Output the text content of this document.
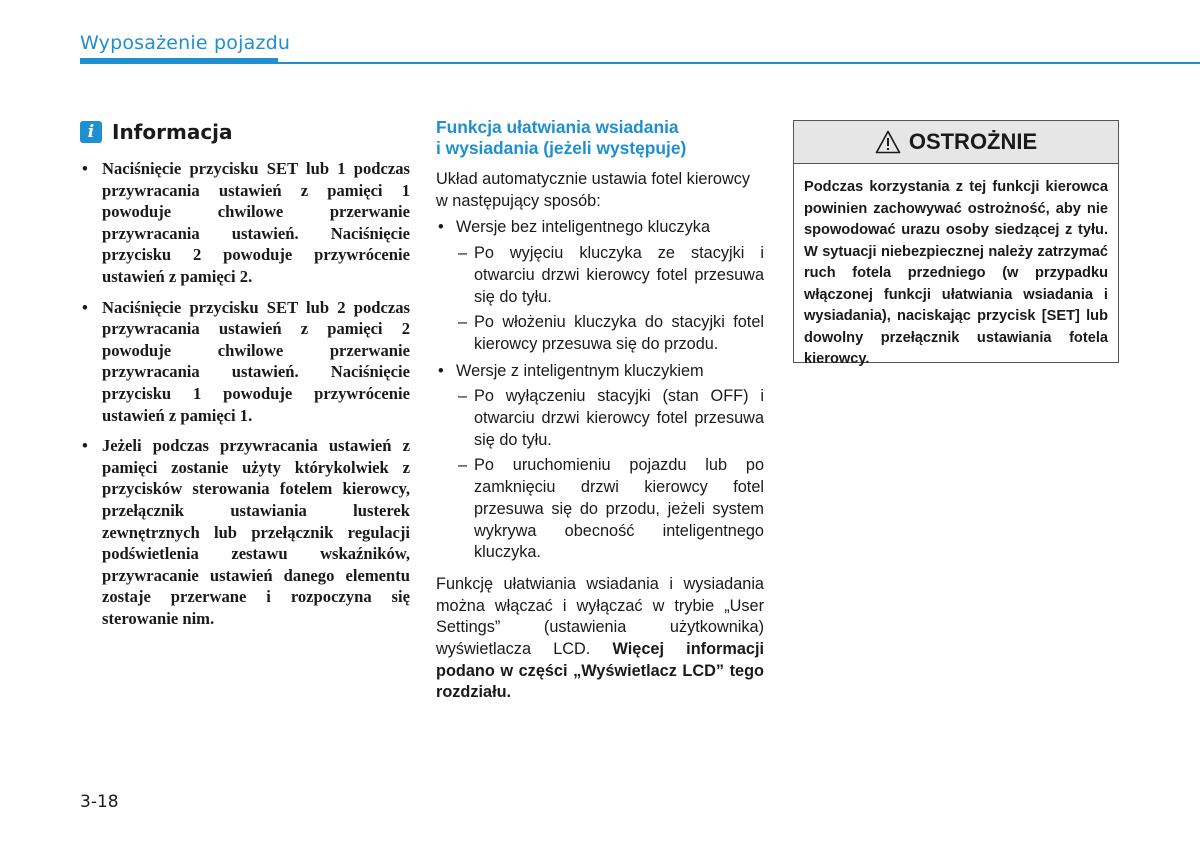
Wyposażenie pojazdu
i Informacja
• Naciśnięcie przycisku SET lub 1 podczas przywracania ustawień z pamięci 1 powoduje chwilowe przerwanie przywracania ustawień. Naciśnięcie przycisku 2 powoduje przywrócenie ustawień z pamięci 2.
• Naciśnięcie przycisku SET lub 2 podczas przywracania ustawień z pamięci 2 powoduje chwilowe przerwanie przywracania ustawień. Naciśnięcie przycisku 1 powoduje przywrócenie ustawień z pamięci 1.
• Jeżeli podczas przywracania ustawień z pamięci zostanie użyty którykolwiek z przycisków sterowania fotelem kierowcy, przełącznik ustawiania lusterek zewnętrznych lub przełącznik regulacji podświetlenia zestawu wskaźników, przywracanie ustawień danego elementu zostaje przerwane i rozpoczyna się sterowanie nim.
Funkcja ułatwiania wsiadania
i wysiadania (jeżeli występuje)

Układ automatycznie ustawia fotel kierowcy w następujący sposób:

• Wersje bez inteligentnego kluczyka

– Po wyjęciu kluczyka ze stacyjki i otwarciu drzwi kierowcy fotel przesuwa się do tyłu.

– Po włożeniu kluczyka do stacyjki fotel kierowcy przesuwa się do przodu.

• Wersje z inteligentnym kluczykiem

– Po wyłączeniu stacyjki (stan OFF) i otwarciu drzwi kierowcy fotel przesuwa się do tyłu.

– Po uruchomieniu pojazdu lub po zamknięciu drzwi kierowcy fotel przesuwa się do przodu, jeżeli system wykrywa obecność inteligentnego kluczyka.

Funkcję ułatwiania wsiadania i wysiadania można włączać i wyłączać w trybie „User Settings” (ustawienia użytkownika) wyświetlacza LCD. Więcej informacji podano w części „Wyświetlacz LCD” tego rozdziału.

OSTROŻNIE
Podczas korzystania z tej funkcji kierowca powinien zachowywać ostrożność, aby nie spowodować urazu osoby siedzącej z tyłu. W sytuacji niebezpiecznej należy zatrzymać ruch fotela przedniego (w przypadku włączonej funkcji ułatwiania wsiadania i wysiadania), naciskając przycisk [SET] lub dowolny przełącznik ustawiania fotela kierowcy.
3-18
